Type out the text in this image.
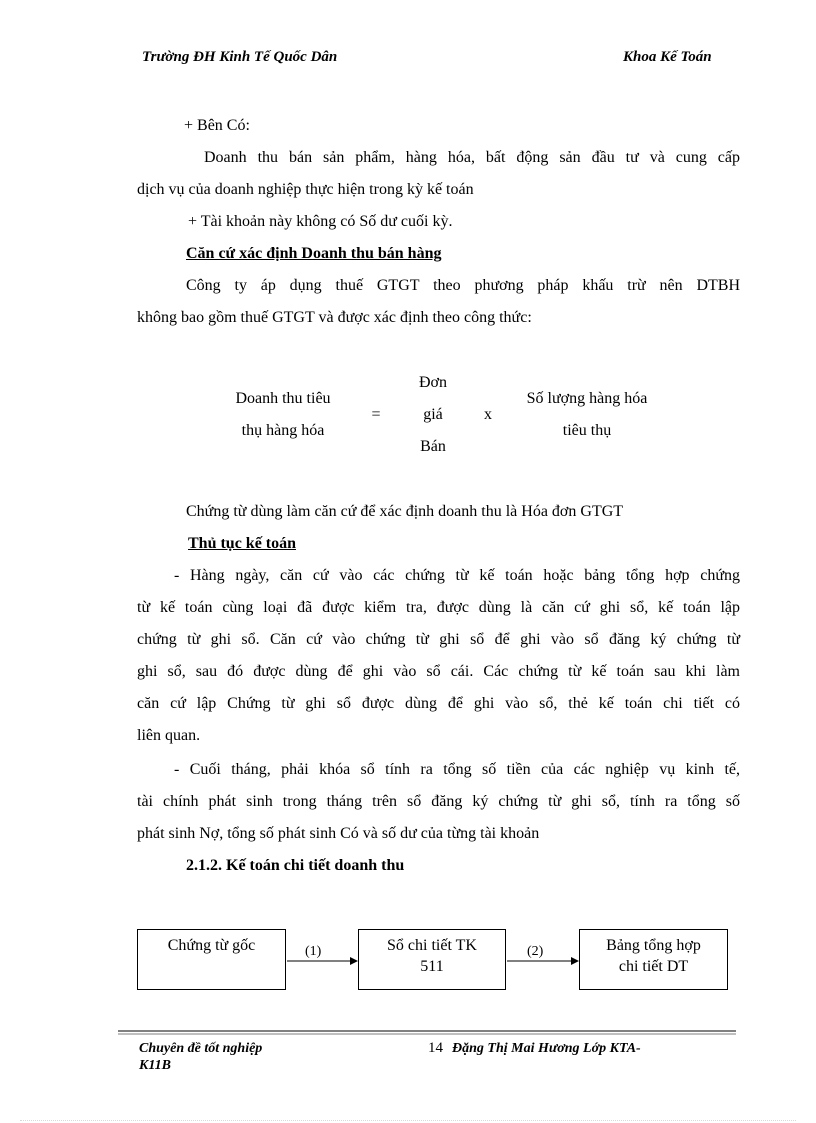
Trường ĐH Kinh Tế Quốc Dân	Khoa Kế Toán
+ Bên Có:
Doanh thu bán sản phẩm, hàng hóa, bất động sản đầu tư và cung cấp
dịch vụ của doanh nghiệp thực hiện trong kỳ kế toán
+ Tài khoản này không có Số dư cuối kỳ.
Căn cứ xác định Doanh thu bán hàng
Công ty áp dụng thuế GTGT theo phương pháp khấu trừ nên DTBH
không bao gồm thuế GTGT và được xác định theo công thức:
Doanh thu tiêu
thụ hàng hóa
=
Đơn
giá
Bán
x
Số lượng hàng hóa
tiêu thụ
Chứng từ dùng làm căn cứ để xác định doanh thu là Hóa đơn GTGT
Thủ tục kế toán
- Hàng ngày, căn cứ vào các chứng từ kế toán hoặc bảng tổng hợp chứng
từ kế toán cùng loại đã được kiểm tra, được dùng là căn cứ ghi sổ, kế toán lập
chứng từ ghi sổ. Căn cứ vào chứng từ ghi sổ để ghi vào sổ đăng ký chứng từ
ghi sổ, sau đó được dùng để ghi vào sổ cái. Các chứng từ kế toán sau khi làm
căn cứ lập Chứng từ ghi sổ được dùng để ghi vào sổ, thẻ kế toán chi tiết có
liên quan.
- Cuối tháng, phải khóa sổ tính ra tổng số tiền của các nghiệp vụ kinh tế,
tài chính phát sinh trong tháng trên sổ đăng ký chứng từ ghi sổ, tính ra tổng số
phát sinh Nợ, tổng số phát sinh Có và số dư của từng tài khoản
2.1.2. Kế toán chi tiết doanh thu
Chứng từ gốc	Sổ chi tiết TK
511
Bảng tổng hợp
chi tiết DT
(1)	(2)
Chuyên đề tốt nghiệp	14 Đặng Thị Mai Hương Lớp KTA-
K11B
